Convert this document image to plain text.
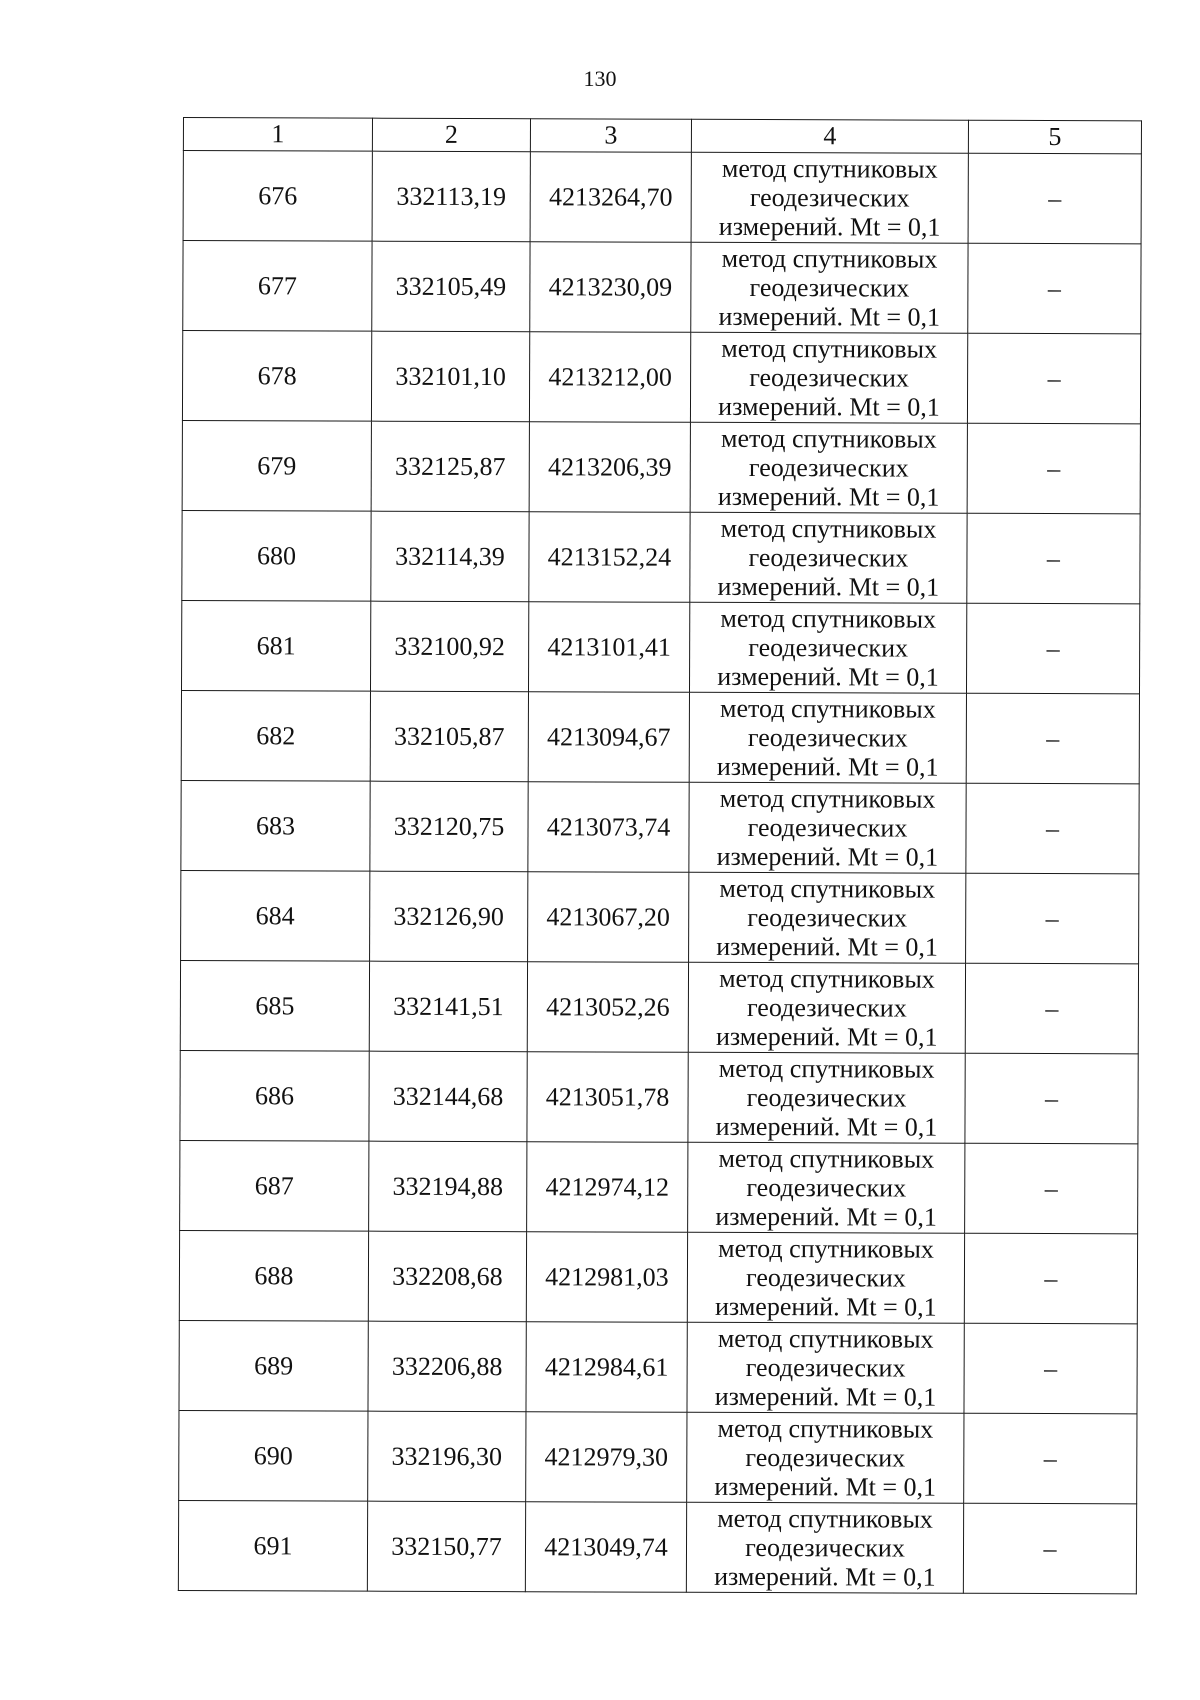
130
1	2	3	4	5
676	332113,19	4213264,70	метод спутниковых
геодезических
измерений. Mt = 0,1	–
677	332105,49	4213230,09	метод спутниковых
геодезических
измерений. Mt = 0,1	–
678	332101,10	4213212,00	метод спутниковых
геодезических
измерений. Mt = 0,1	–
679	332125,87	4213206,39	метод спутниковых
геодезических
измерений. Mt = 0,1	–
680	332114,39	4213152,24	метод спутниковых
геодезических
измерений. Mt = 0,1	–
681	332100,92	4213101,41	метод спутниковых
геодезических
измерений. Mt = 0,1	–
682	332105,87	4213094,67	метод спутниковых
геодезических
измерений. Mt = 0,1	–
683	332120,75	4213073,74	метод спутниковых
геодезических
измерений. Mt = 0,1	–
684	332126,90	4213067,20	метод спутниковых
геодезических
измерений. Mt = 0,1	–
685	332141,51	4213052,26	метод спутниковых
геодезических
измерений. Mt = 0,1	–
686	332144,68	4213051,78	метод спутниковых
геодезических
измерений. Mt = 0,1	–
687	332194,88	4212974,12	метод спутниковых
геодезических
измерений. Mt = 0,1	–
688	332208,68	4212981,03	метод спутниковых
геодезических
измерений. Mt = 0,1	–
689	332206,88	4212984,61	метод спутниковых
геодезических
измерений. Mt = 0,1	–
690	332196,30	4212979,30	метод спутниковых
геодезических
измерений. Mt = 0,1	–
691	332150,77	4213049,74	метод спутниковых
геодезических
измерений. Mt = 0,1	–
